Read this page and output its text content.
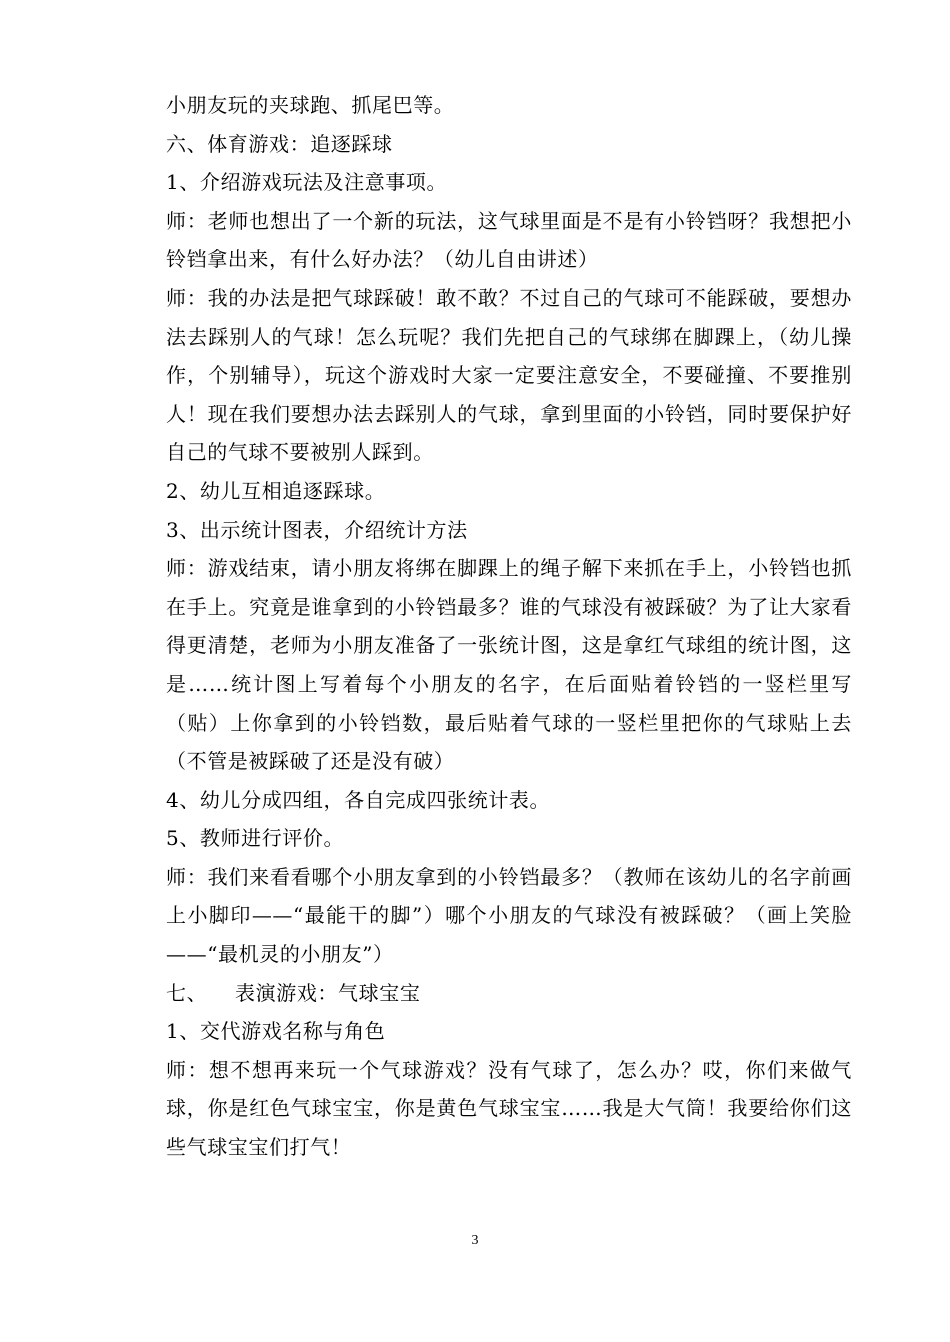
小朋友玩的夹球跑、抓尾巴等。

六、体育游戏：追逐踩球

1、介绍游戏玩法及注意事项。

师：老师也想出了一个新的玩法，这气球里面是不是有小铃铛呀？我想把小铃铛拿出来，有什么好办法？（幼儿自由讲述）

师：我的办法是把气球踩破！敢不敢？不过自己的气球可不能踩破，要想办法去踩别人的气球！怎么玩呢？我们先把自己的气球绑在脚踝上，（幼儿操作，个别辅导），玩这个游戏时大家一定要注意安全，不要碰撞、不要推别人！现在我们要想办法去踩别人的气球，拿到里面的小铃铛，同时要保护好自己的气球不要被别人踩到。

2、幼儿互相追逐踩球。

3、出示统计图表，介绍统计方法

师：游戏结束，请小朋友将绑在脚踝上的绳子解下来抓在手上，小铃铛也抓在手上。究竟是谁拿到的小铃铛最多？谁的气球没有被踩破？为了让大家看得更清楚，老师为小朋友准备了一张统计图，这是拿红气球组的统计图，这是……统计图上写着每个小朋友的名字，在后面贴着铃铛的一竖栏里写（贴）上你拿到的小铃铛数，最后贴着气球的一竖栏里把你的气球贴上去（不管是被踩破了还是没有破）

4、幼儿分成四组，各自完成四张统计表。

5、教师进行评价。

师：我们来看看哪个小朋友拿到的小铃铛最多？（教师在该幼儿的名字前画上小脚印——“最能干的脚”）哪个小朋友的气球没有被踩破？（画上笑脸——“最机灵的小朋友”）

七、    表演游戏：气球宝宝

1、交代游戏名称与角色

师：想不想再来玩一个气球游戏？没有气球了，怎么办？哎，你们来做气球，你是红色气球宝宝，你是黄色气球宝宝……我是大气筒！我要给你们这些气球宝宝们打气！

3
